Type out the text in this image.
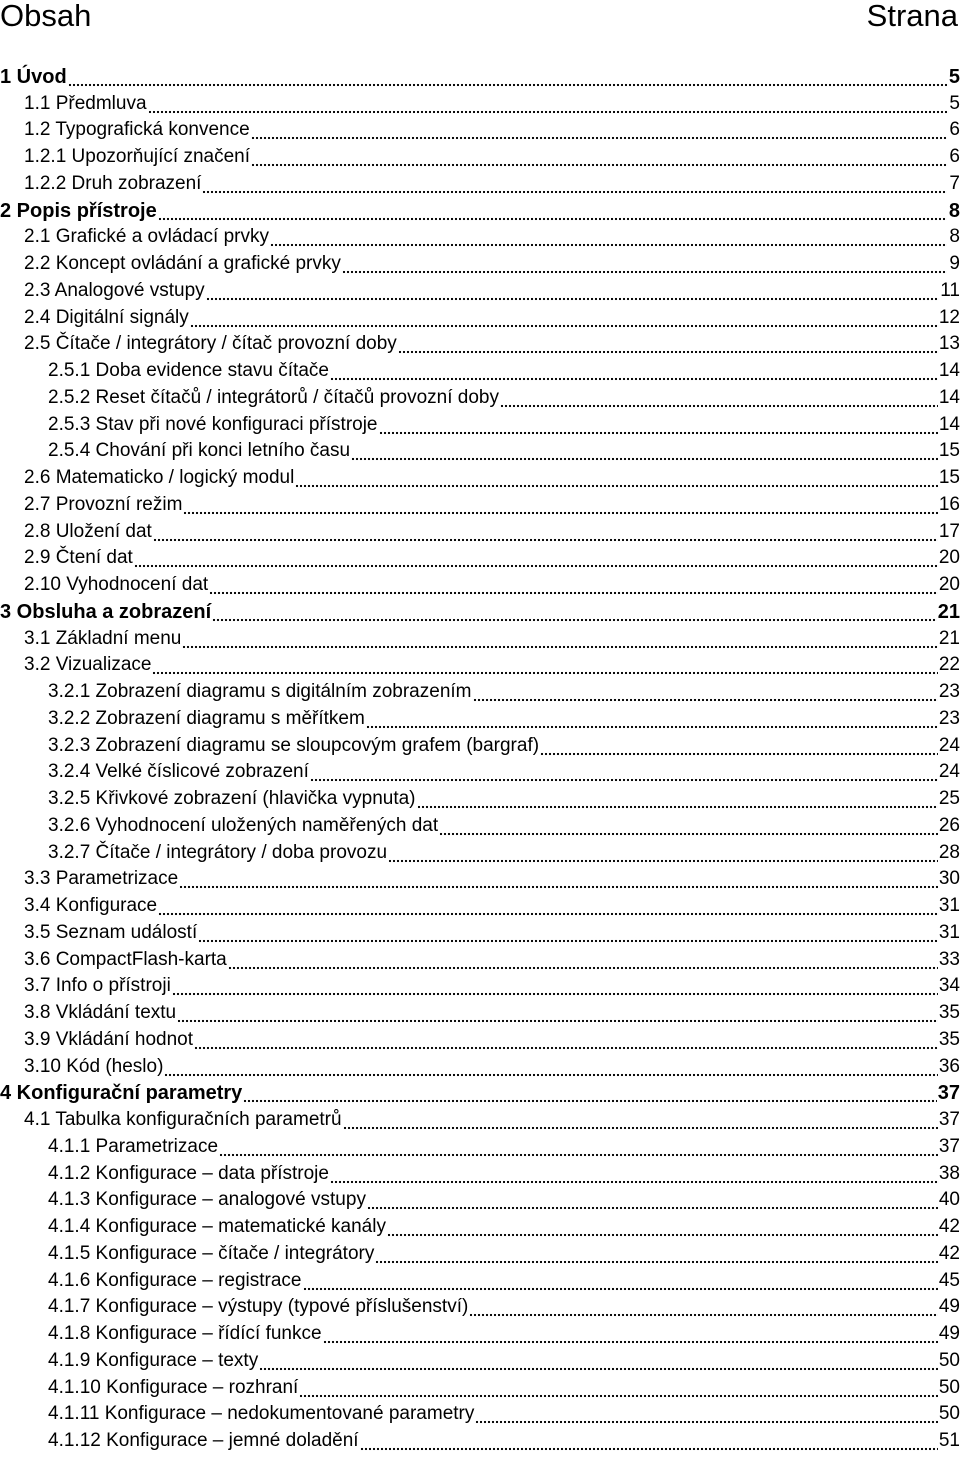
Obsah	Strana
1 Úvod	5
1.1 Předmluva	5
1.2 Typografická konvence	6
1.2.1 Upozorňující značení	6
1.2.2 Druh zobrazení	7
2 Popis přístroje	8
2.1 Grafické a ovládací prvky	8
2.2 Koncept ovládání a grafické prvky	9
2.3 Analogové vstupy	11
2.4 Digitální signály	12
2.5 Čítače / integrátory / čítač provozní doby	13
2.5.1 Doba evidence stavu čítače	14
2.5.2 Reset čítačů / integrátorů / čítačů provozní doby	14
2.5.3 Stav při nové konfiguraci přístroje	14
2.5.4 Chování při konci letního času	15
2.6 Matematicko / logický modul	15
2.7 Provozní režim	16
2.8 Uložení dat	17
2.9 Čtení dat	20
2.10 Vyhodnocení dat	20
3 Obsluha a zobrazení	21
3.1 Základní menu	21
3.2 Vizualizace	22
3.2.1 Zobrazení diagramu s digitálním zobrazením	23
3.2.2 Zobrazení diagramu s měřítkem	23
3.2.3 Zobrazení diagramu se sloupcovým grafem (bargraf)	24
3.2.4 Velké číslicové zobrazení	24
3.2.5 Křivkové zobrazení (hlavička vypnuta)	25
3.2.6 Vyhodnocení uložených naměřených dat	26
3.2.7 Čítače / integrátory / doba provozu	28
3.3 Parametrizace	30
3.4 Konfigurace	31
3.5 Seznam událostí	31
3.6 CompactFlash-karta	33
3.7 Info o přístroji	34
3.8 Vkládání textu	35
3.9 Vkládání hodnot	35
3.10 Kód (heslo)	36
4 Konfigurační parametry	37
4.1 Tabulka konfiguračních parametrů	37
4.1.1 Parametrizace	37
4.1.2 Konfigurace – data přístroje	38
4.1.3 Konfigurace – analogové vstupy	40
4.1.4 Konfigurace – matematické kanály	42
4.1.5 Konfigurace – čítače / integrátory	42
4.1.6 Konfigurace – registrace	45
4.1.7 Konfigurace – výstupy (typové příslušenství)	49
4.1.8 Konfigurace – řídící funkce	49
4.1.9 Konfigurace – texty	50
4.1.10 Konfigurace – rozhraní	50
4.1.11 Konfigurace – nedokumentované parametry	50
4.1.12 Konfigurace – jemné doladění	51
